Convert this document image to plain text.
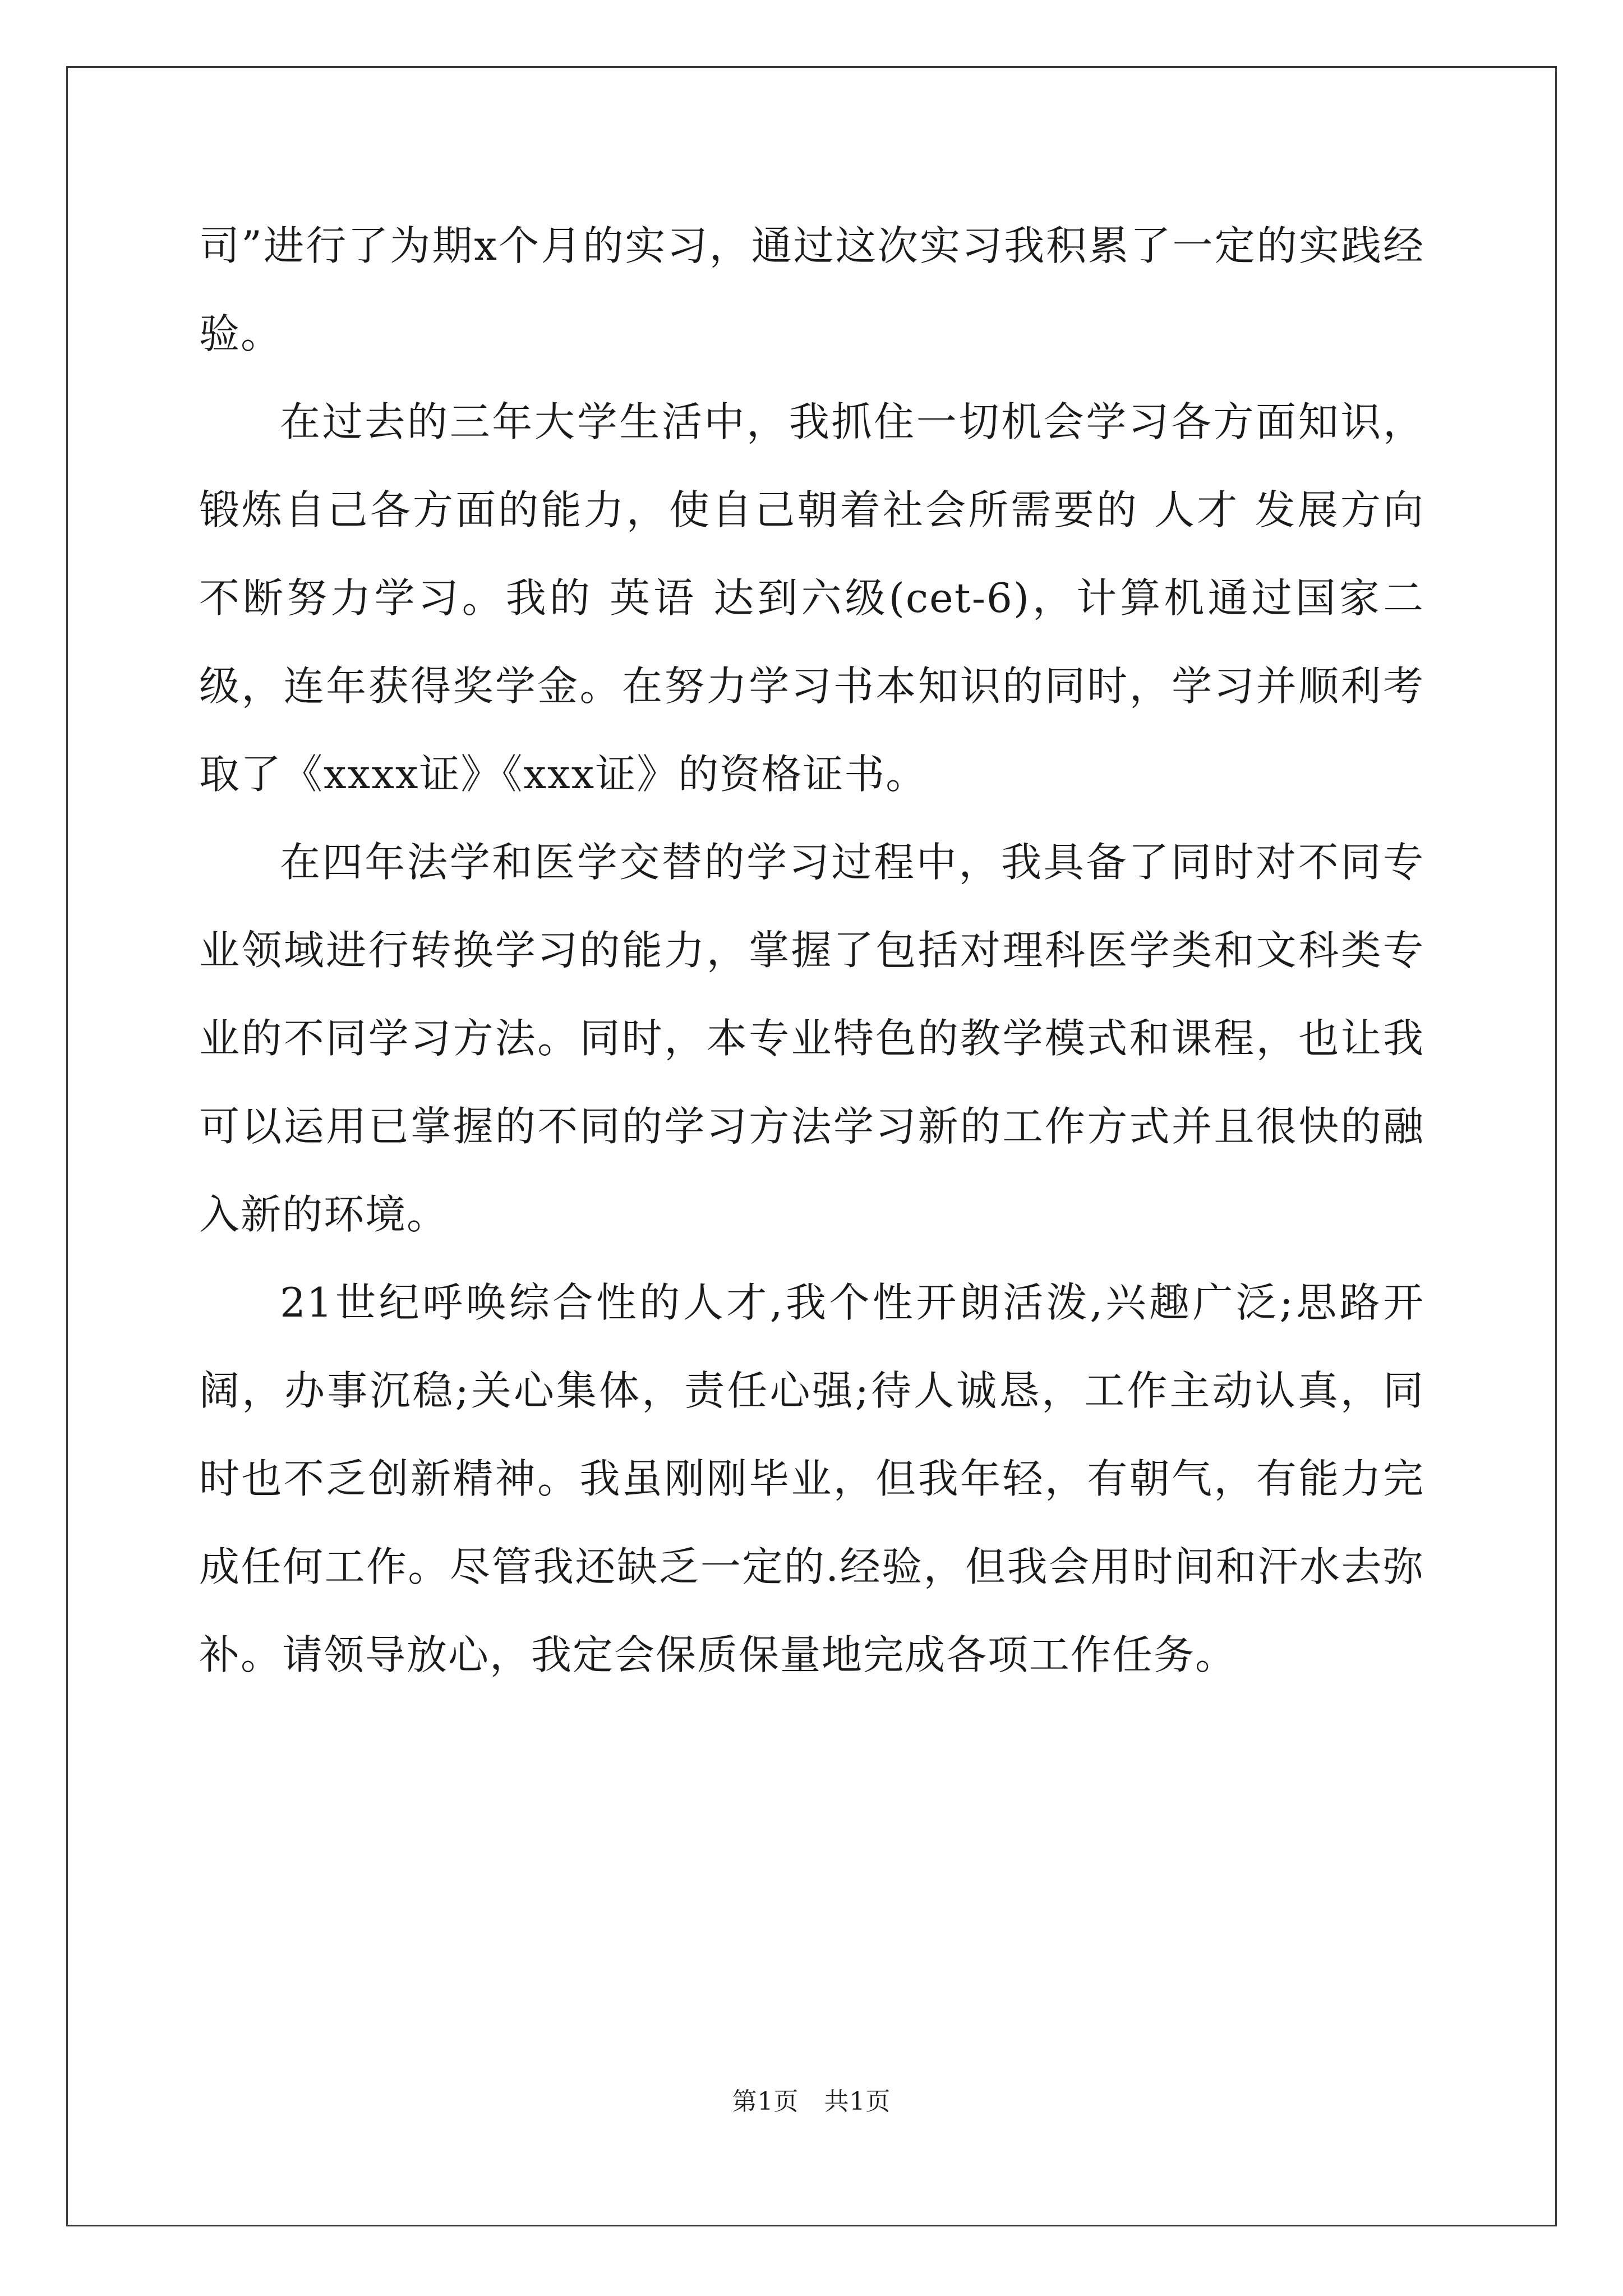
司”进行了为期x个月的实习，通过这次实习我积累了一定的实践经验。

在过去的三年大学生活中，我抓住一切机会学习各方面知识，锻炼自己各方面的能力，使自己朝着社会所需要的 人才 发展方向不断努力学习。我的 英语 达到六级(cet-6)，计算机通过国家二级，连年获得奖学金。在努力学习书本知识的同时，学习并顺利考取了《xxxx证》《xxx证》的资格证书。

在四年法学和医学交替的学习过程中，我具备了同时对不同专业领域进行转换学习的能力，掌握了包括对理科医学类和文科类专业的不同学习方法。同时，本专业特色的教学模式和课程，也让我可以运用已掌握的不同的学习方法学习新的工作方式并且很快的融入新的环境。

21世纪呼唤综合性的人才,我个性开朗活泼,兴趣广泛;思路开阔，办事沉稳;关心集体，责任心强;待人诚恳，工作主动认真，同时也不乏创新精神。我虽刚刚毕业，但我年轻，有朝气，有能力完成任何工作。尽管我还缺乏一定的.经验，但我会用时间和汗水去弥补。请领导放心，我定会保质保量地完成各项工作任务。

第1页　共1页
